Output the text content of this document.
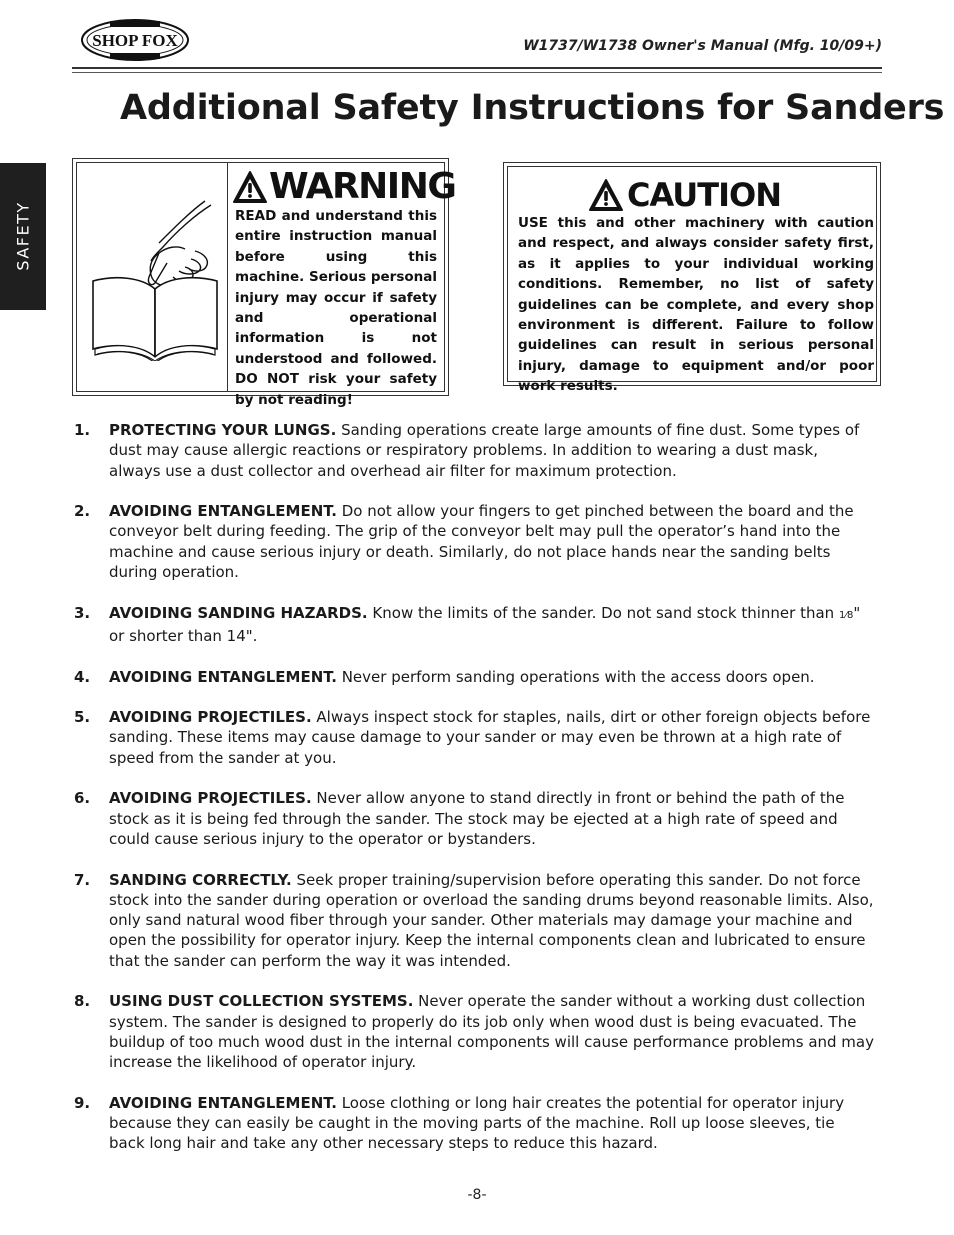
SHOP FOX	W1737/W1738 Owner's Manual (Mfg. 10/09+)
SAFETY
Additional Safety Instructions for Sanders
WARNING

READ and understand this entire instruction manual before using this machine. Serious personal injury may occur if safety and operational information is not understood and followed. DO NOT risk your safety by not reading!

CAUTION

USE this and other machinery with caution and respect, and always consider safety first, as it applies to your individual working conditions. Remember, no list of safety guidelines can be complete, and every shop environment is different. Failure to follow guidelines can result in serious personal injury, damage to equipment and/or poor work results.

1. PROTECTING YOUR LUNGS. Sanding operations create large amounts of fine dust. Some types of dust may cause allergic reactions or respiratory problems. In addition to wearing a dust mask, always use a dust collector and overhead air filter for maximum protection.
2. AVOIDING ENTANGLEMENT. Do not allow your fingers to get pinched between the board and the conveyor belt during feeding. The grip of the conveyor belt may pull the operator’s hand into the machine and cause serious injury or death. Similarly, do not place hands near the sanding belts during operation.
3. AVOIDING SANDING HAZARDS. Know the limits of the sander. Do not sand stock thinner than 1⁄8" or shorter than 14".
4. AVOIDING ENTANGLEMENT. Never perform sanding operations with the access doors open.
5. AVOIDING PROJECTILES. Always inspect stock for staples, nails, dirt or other foreign objects before sanding. These items may cause damage to your sander or may even be thrown at a high rate of speed from the sander at you.
6. AVOIDING PROJECTILES. Never allow anyone to stand directly in front or behind the path of the stock as it is being fed through the sander. The stock may be ejected at a high rate of speed and could cause serious injury to the operator or bystanders.
7. SANDING CORRECTLY. Seek proper training/supervision before operating this sander. Do not force stock into the sander during operation or overload the sanding drums beyond reasonable limits. Also, only sand natural wood fiber through your sander. Other materials may damage your machine and open the possibility for operator injury. Keep the internal components clean and lubricated to ensure that the sander can perform the way it was intended.
8. USING DUST COLLECTION SYSTEMS. Never operate the sander without a working dust collection system. The sander is designed to properly do its job only when wood dust is being evacuated. The buildup of too much wood dust in the internal components will cause performance problems and may increase the likelihood of operator injury.
9. AVOIDING ENTANGLEMENT. Loose clothing or long hair creates the potential for operator injury because they can easily be caught in the moving parts of the machine. Roll up loose sleeves, tie back long hair and take any other necessary steps to reduce this hazard.
-8-
